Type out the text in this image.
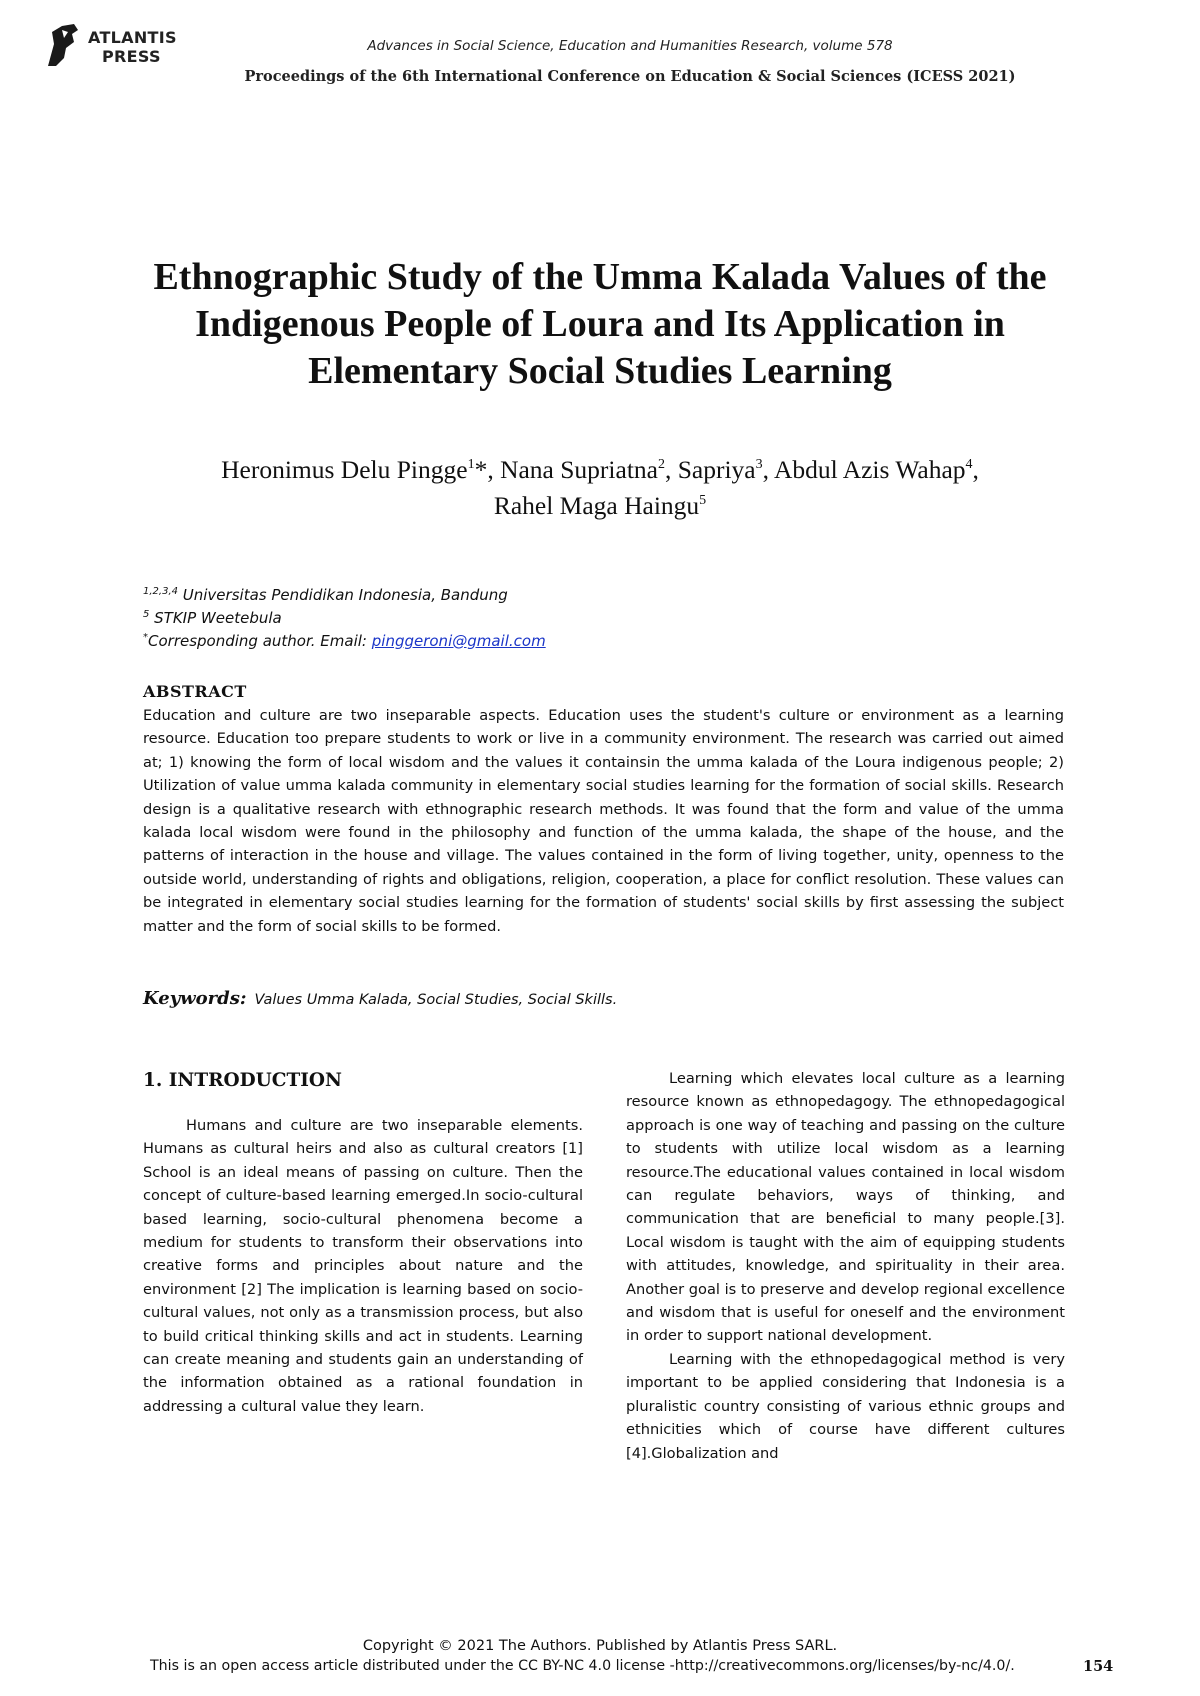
ATLANTIS
PRESS
Advances in Social Science, Education and Humanities Research, volume 578
Proceedings of the 6th International Conference on Education & Social Sciences (ICESS 2021)
Ethnographic Study of the Umma Kalada Values of the Indigenous People of Loura and Its Application in Elementary Social Studies Learning
Heronimus Delu Pingge$^1$*, Nana Supriatna$^2$, Sapriya$^3$, Abdul Azis Wahap$^4$,
Rahel Maga Haingu$^5$
$^{1,2,3,4}$ Universitas Pendidikan Indonesia, Bandung
$^5$ STKIP Weetebula
*Corresponding author. Email: pinggeroni@gmail.com
ABSTRACT

Education and culture are two inseparable aspects. Education uses the student's culture or environment as a learning resource. Education too prepare students to work or live in a community environment. The research was carried out aimed at; 1) knowing the form of local wisdom and the values it containsin the umma kalada of the Loura indigenous people; 2) Utilization of value umma kalada community in elementary social studies learning for the formation of social skills. Research design is a qualitative research with ethnographic research methods. It was found that the form and value of the umma kalada local wisdom were found in the philosophy and function of the umma kalada, the shape of the house, and the patterns of interaction in the house and village. The values contained in the form of living together, unity, openness to the outside world, understanding of rights and obligations, religion, cooperation, a place for conflict resolution. These values can be integrated in elementary social studies learning for the formation of students' social skills by first assessing the subject matter and the form of social skills to be formed.

Keywords: Values Umma Kalada, Social Studies, Social Skills.
1. INTRODUCTION

Humans and culture are two inseparable elements. Humans as cultural heirs and also as cultural creators [1] School is an ideal means of passing on culture. Then the concept of culture-based learning emerged.In socio-cultural based learning, socio-cultural phenomena become a medium for students to transform their observations into creative forms and principles about nature and the environment [2] The implication is learning based on socio-cultural values, not only as a transmission process, but also to build critical thinking skills and act in students. Learning can create meaning and students gain an understanding of the information obtained as a rational foundation in addressing a cultural value they learn.

Learning which elevates local culture as a learning resource known as ethnopedagogy. The ethnopedagogical approach is one way of teaching and passing on the culture to students with utilize local wisdom as a learning resource.The educational values contained in local wisdom can regulate behaviors, ways of thinking, and communication that are beneficial to many people.[3]. Local wisdom is taught with the aim of equipping students with attitudes, knowledge, and spirituality in their area. Another goal is to preserve and develop regional excellence and wisdom that is useful for oneself and the environment in order to support national development.

Learning with the ethnopedagogical method is very important to be applied considering that Indonesia is a pluralistic country consisting of various ethnic groups and ethnicities which of course have different cultures [4].Globalization and

Copyright © 2021 The Authors. Published by Atlantis Press SARL.
This is an open access article distributed under the CC BY-NC 4.0 license -http://creativecommons.org/licenses/by-nc/4.0/.	154
